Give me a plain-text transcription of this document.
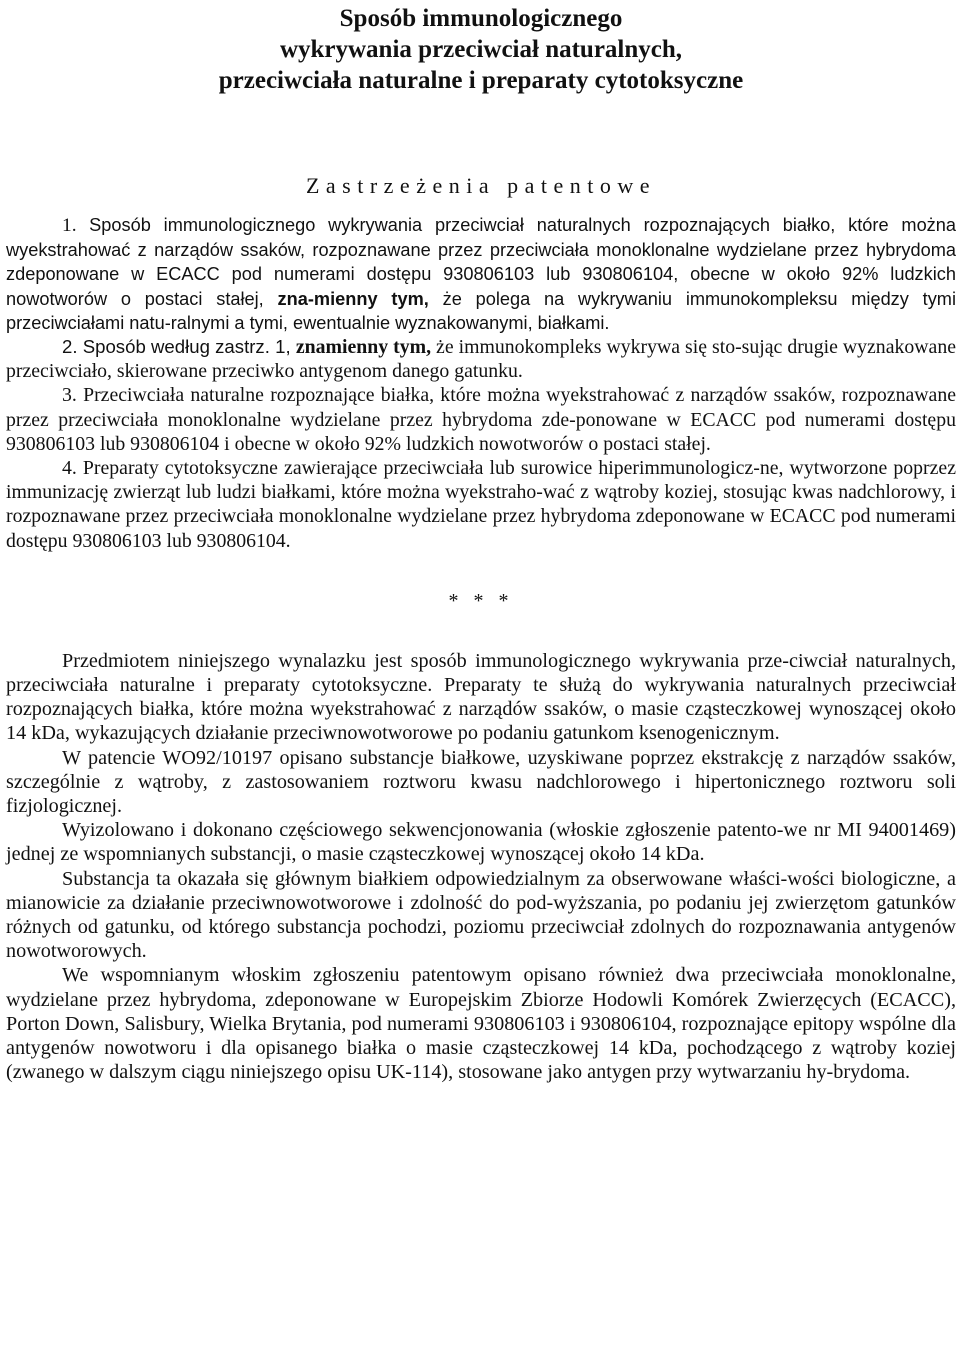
Sposób immunologicznego
wykrywania przeciwciał naturalnych,
przeciwciała naturalne i preparaty cytotoksyczne
Zastrzeżenia patentowe

1. Sposób immunologicznego wykrywania przeciwciał naturalnych rozpoznających białko, które można wyekstrahować z narządów ssaków, rozpoznawane przez przeciwciała monoklonalne wydzielane przez hybrydoma zdeponowane w ECACC pod numerami dostępu 930806103 lub 930806104, obecne w około 92% ludzkich nowotworów o postaci stałej, zna-mienny tym, że polega na wykrywaniu immunokompleksu między tymi przeciwciałami natu-ralnymi a tymi, ewentualnie wyznakowanymi, białkami.

2. Sposób według zastrz. 1, znamienny tym, że immunokompleks wykrywa się sto-sując drugie wyznakowane przeciwciało, skierowane przeciwko antygenom danego gatunku.

3. Przeciwciała naturalne rozpoznające białka, które można wyekstrahować z narządów ssaków, rozpoznawane przez przeciwciała monoklonalne wydzielane przez hybrydoma zde-ponowane w ECACC pod numerami dostępu 930806103 lub 930806104 i obecne w około 92% ludzkich nowotworów o postaci stałej.

4. Preparaty cytotoksyczne zawierające przeciwciała lub surowice hiperimmunologicz-ne, wytworzone poprzez immunizację zwierząt lub ludzi białkami, które można wyekstraho-wać z wątroby koziej, stosując kwas nadchlorowy, i rozpoznawane przez przeciwciała monoklonalne wydzielane przez hybrydoma zdeponowane w ECACC pod numerami dostępu 930806103 lub 930806104.

* * *

Przedmiotem niniejszego wynalazku jest sposób immunologicznego wykrywania prze-ciwciał naturalnych, przeciwciała naturalne i preparaty cytotoksyczne. Preparaty te służą do wykrywania naturalnych przeciwciał rozpoznających białka, które można wyekstrahować z narządów ssaków, o masie cząsteczkowej wynoszącej około 14 kDa, wykazujących działanie przeciwnowotworowe po podaniu gatunkom ksenogenicznym.

W patencie WO92/10197 opisano substancje białkowe, uzyskiwane poprzez ekstrakcję z narządów ssaków, szczególnie z wątroby, z zastosowaniem roztworu kwasu nadchlorowego i hipertonicznego roztworu soli fizjologicznej.

Wyizolowano i dokonano częściowego sekwencjonowania (włoskie zgłoszenie patento-we nr MI 94001469) jednej ze wspomnianych substancji, o masie cząsteczkowej wynoszącej około 14 kDa.

Substancja ta okazała się głównym białkiem odpowiedzialnym za obserwowane właści-wości biologiczne, a mianowicie za działanie przeciwnowotworowe i zdolność do pod-wyższania, po podaniu jej zwierzętom gatunków różnych od gatunku, od którego substancja pochodzi, poziomu przeciwciał zdolnych do rozpoznawania antygenów nowotworowych.

We wspomnianym włoskim zgłoszeniu patentowym opisano również dwa przeciwciała monoklonalne, wydzielane przez hybrydoma, zdeponowane w Europejskim Zbiorze Hodowli Komórek Zwierzęcych (ECACC), Porton Down, Salisbury, Wielka Brytania, pod numerami 930806103 i 930806104, rozpoznające epitopy wspólne dla antygenów nowotworu i dla opisanego białka o masie cząsteczkowej 14 kDa, pochodzącego z wątroby koziej (zwanego w dalszym ciągu niniejszego opisu UK-114), stosowane jako antygen przy wytwarzaniu hy-brydoma.
